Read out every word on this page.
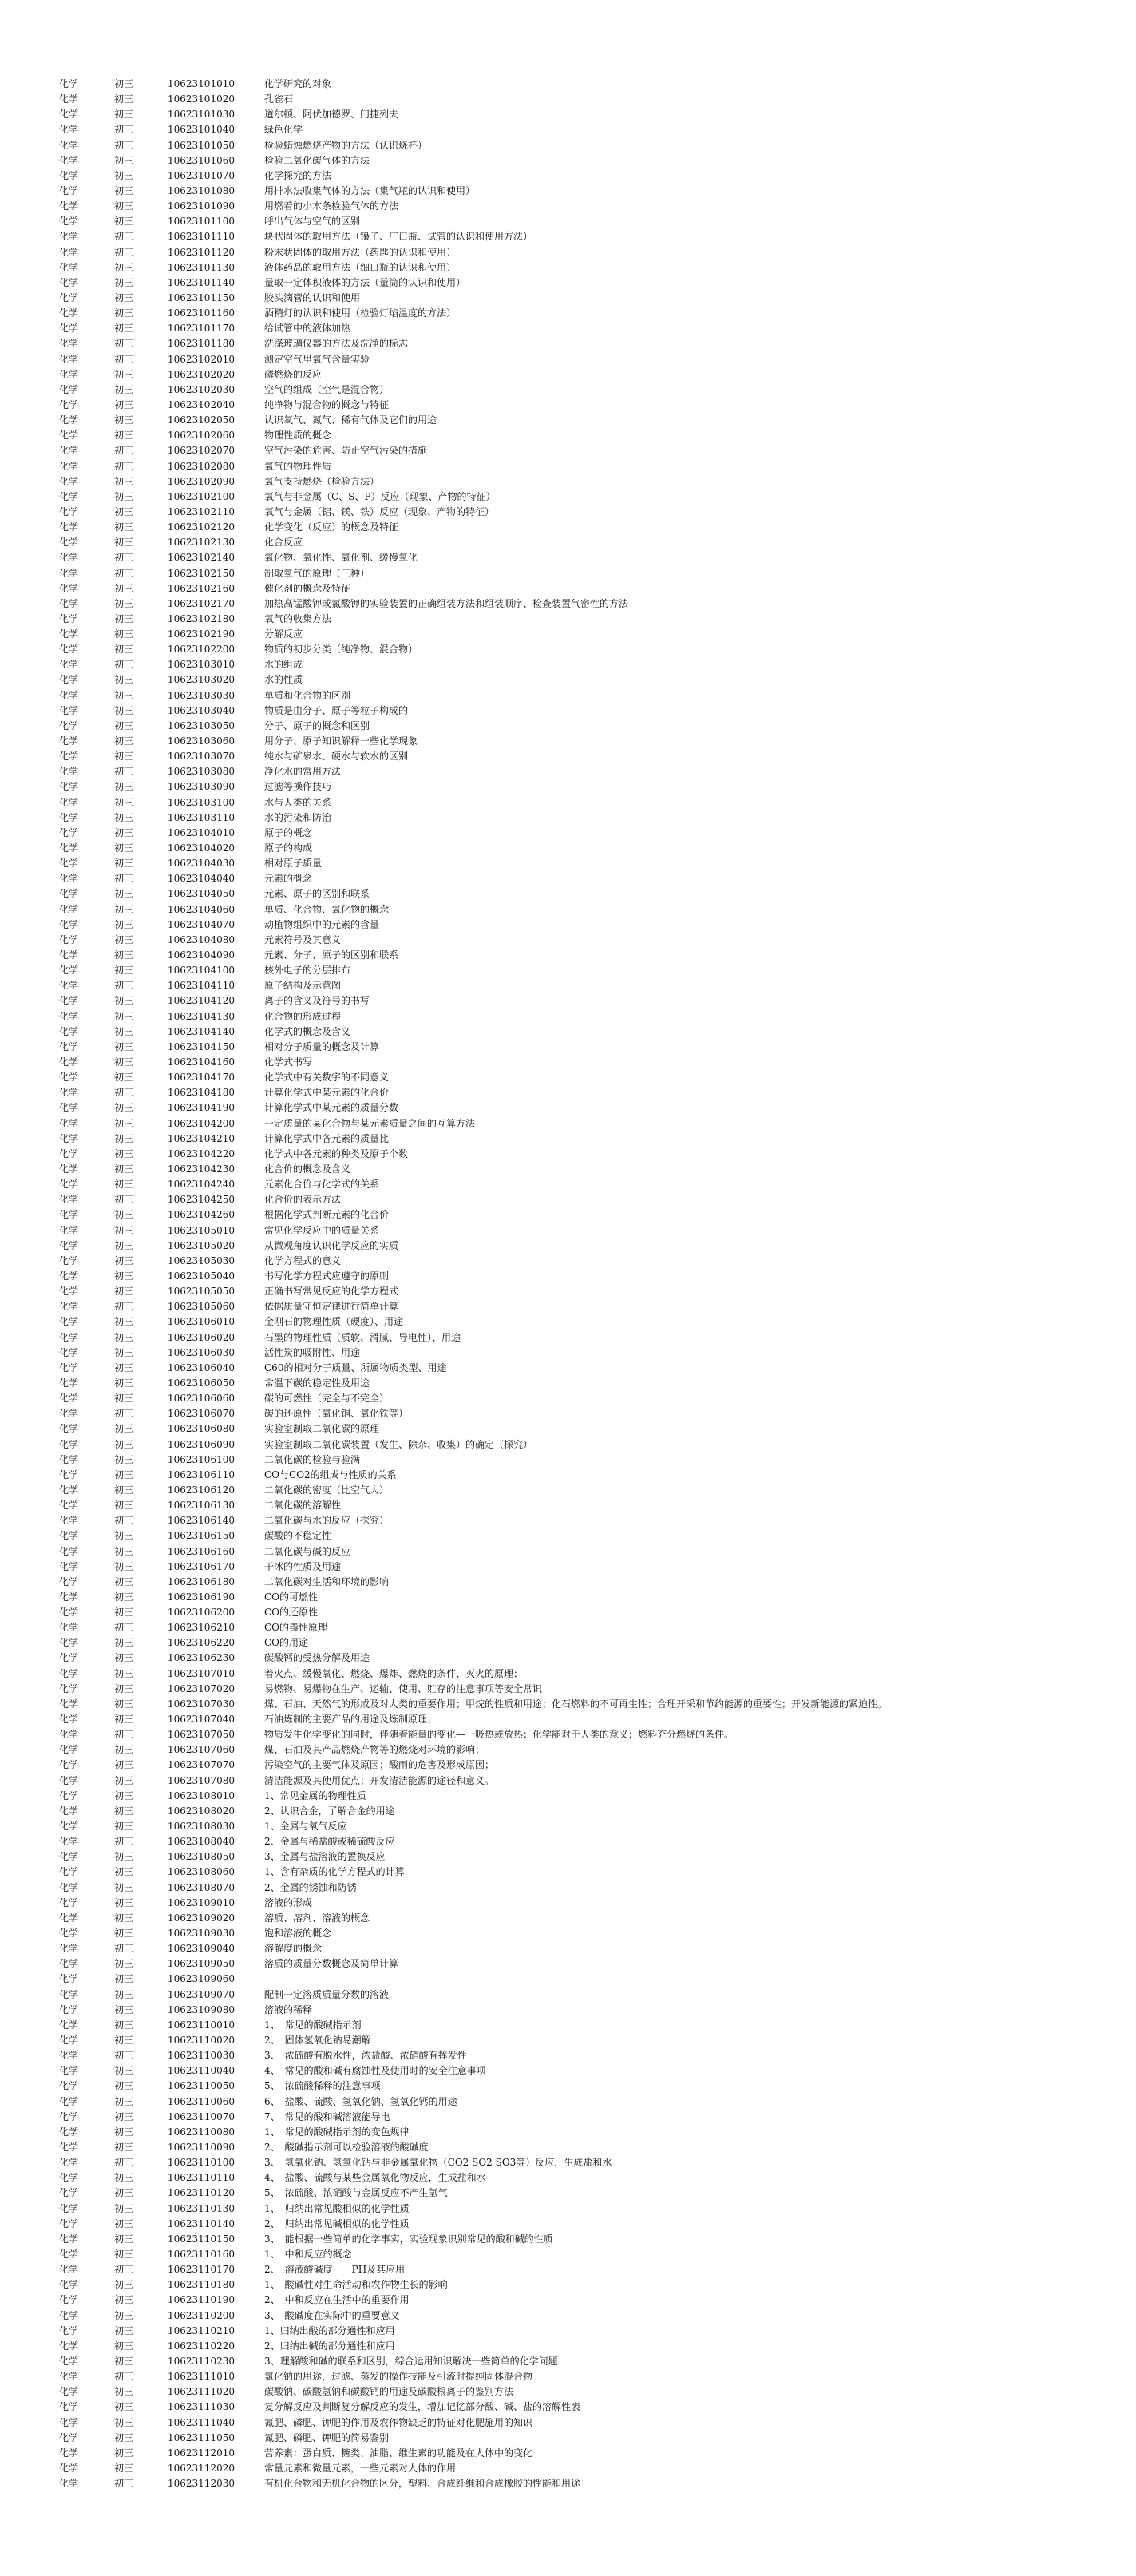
化学	初三	10623101010	化学研究的对象
化学	初三	10623101020	孔雀石
化学	初三	10623101030	道尔顿、阿伏加德罗、门捷列夫
化学	初三	10623101040	绿色化学
化学	初三	10623101050	检验蜡烛燃烧产物的方法（认识烧杯）
化学	初三	10623101060	检验二氧化碳气体的方法
化学	初三	10623101070	化学探究的方法
化学	初三	10623101080	用排水法收集气体的方法（集气瓶的认识和使用）
化学	初三	10623101090	用燃着的小木条检验气体的方法
化学	初三	10623101100	呼出气体与空气的区别
化学	初三	10623101110	块状固体的取用方法（镊子、广口瓶、试管的认识和使用方法）
化学	初三	10623101120	粉末状固体的取用方法（药匙的认识和使用）
化学	初三	10623101130	液体药品的取用方法（细口瓶的认识和使用）
化学	初三	10623101140	量取一定体积液体的方法（量筒的认识和使用）
化学	初三	10623101150	胶头滴管的认识和使用
化学	初三	10623101160	酒精灯的认识和使用（检验灯焰温度的方法）
化学	初三	10623101170	给试管中的液体加热
化学	初三	10623101180	洗涤玻璃仪器的方法及洗净的标志
化学	初三	10623102010	测定空气里氧气含量实验
化学	初三	10623102020	磷燃烧的反应
化学	初三	10623102030	空气的组成（空气是混合物）
化学	初三	10623102040	纯净物与混合物的概念与特征
化学	初三	10623102050	认识氧气、氮气、稀有气体及它们的用途
化学	初三	10623102060	物理性质的概念
化学	初三	10623102070	空气污染的危害、防止空气污染的措施
化学	初三	10623102080	氧气的物理性质
化学	初三	10623102090	氧气支持燃烧（检验方法）
化学	初三	10623102100	氧气与非金属（C、S、P）反应（现象、产物的特征）
化学	初三	10623102110	氧气与金属（铝、镁、铁）反应（现象、产物的特征）
化学	初三	10623102120	化学变化（反应）的概念及特征
化学	初三	10623102130	化合反应
化学	初三	10623102140	氧化物、氧化性、氧化剂、缓慢氧化
化学	初三	10623102150	制取氧气的原理（三种）
化学	初三	10623102160	催化剂的概念及特征
化学	初三	10623102170	加热高锰酸钾或氯酸钾的实验装置的正确组装方法和组装顺序、检查装置气密性的方法
化学	初三	10623102180	氧气的收集方法
化学	初三	10623102190	分解反应
化学	初三	10623102200	物质的初步分类（纯净物、混合物）
化学	初三	10623103010	水的组成
化学	初三	10623103020	水的性质
化学	初三	10623103030	单质和化合物的区别
化学	初三	10623103040	物质是由分子、原子等粒子构成的
化学	初三	10623103050	分子、原子的概念和区别
化学	初三	10623103060	用分子、原子知识解释一些化学现象
化学	初三	10623103070	纯水与矿泉水、硬水与软水的区别
化学	初三	10623103080	净化水的常用方法
化学	初三	10623103090	过滤等操作技巧
化学	初三	10623103100	水与人类的关系
化学	初三	10623103110	水的污染和防治
化学	初三	10623104010	原子的概念
化学	初三	10623104020	原子的构成
化学	初三	10623104030	相对原子质量
化学	初三	10623104040	元素的概念
化学	初三	10623104050	元素、原子的区别和联系
化学	初三	10623104060	单质、化合物、氧化物的概念
化学	初三	10623104070	动植物组织中的元素的含量
化学	初三	10623104080	元素符号及其意义
化学	初三	10623104090	元素、分子、原子的区别和联系
化学	初三	10623104100	核外电子的分层排布
化学	初三	10623104110	原子结构及示意图
化学	初三	10623104120	离子的含义及符号的书写
化学	初三	10623104130	化合物的形成过程
化学	初三	10623104140	化学式的概念及含义
化学	初三	10623104150	相对分子质量的概念及计算
化学	初三	10623104160	化学式书写
化学	初三	10623104170	化学式中有关数字的不同意义
化学	初三	10623104180	计算化学式中某元素的化合价
化学	初三	10623104190	计算化学式中某元素的质量分数
化学	初三	10623104200	一定质量的某化合物与某元素质量之间的互算方法
化学	初三	10623104210	计算化学式中各元素的质量比
化学	初三	10623104220	化学式中各元素的种类及原子个数
化学	初三	10623104230	化合价的概念及含义
化学	初三	10623104240	元素化合价与化学式的关系
化学	初三	10623104250	化合价的表示方法
化学	初三	10623104260	根据化学式判断元素的化合价
化学	初三	10623105010	常见化学反应中的质量关系
化学	初三	10623105020	从微观角度认识化学反应的实质
化学	初三	10623105030	化学方程式的意义
化学	初三	10623105040	书写化学方程式应遵守的原则
化学	初三	10623105050	正确书写常见反应的化学方程式
化学	初三	10623105060	依据质量守恒定律进行简单计算
化学	初三	10623106010	金刚石的物理性质（硬度）、用途
化学	初三	10623106020	石墨的物理性质（质软、滑腻、导电性）、用途
化学	初三	10623106030	活性炭的吸附性、用途
化学	初三	10623106040	C60的相对分子质量、所属物质类型、用途
化学	初三	10623106050	常温下碳的稳定性及用途
化学	初三	10623106060	碳的可燃性（完全与不完全）
化学	初三	10623106070	碳的还原性（氧化铜、氧化铁等）
化学	初三	10623106080	实验室制取二氧化碳的原理
化学	初三	10623106090	实验室制取二氧化碳装置（发生、除杂、收集）的确定（探究）
化学	初三	10623106100	二氧化碳的检验与验满
化学	初三	10623106110	CO与CO2的组成与性质的关系
化学	初三	10623106120	二氧化碳的密度（比空气大）
化学	初三	10623106130	二氧化碳的溶解性
化学	初三	10623106140	二氧化碳与水的反应（探究）
化学	初三	10623106150	碳酸的不稳定性
化学	初三	10623106160	二氧化碳与碱的反应
化学	初三	10623106170	干冰的性质及用途
化学	初三	10623106180	二氧化碳对生活和环境的影响
化学	初三	10623106190	CO的可燃性
化学	初三	10623106200	CO的还原性
化学	初三	10623106210	CO的毒性原理
化学	初三	10623106220	CO的用途
化学	初三	10623106230	碳酸钙的受热分解及用途
化学	初三	10623107010	着火点、缓慢氧化、燃烧、爆炸、燃烧的条件、灭火的原理；
化学	初三	10623107020	易燃物、易爆物在生产、运输、使用、贮存的注意事项等安全常识
化学	初三	10623107030	煤、石油、天然气的形成及对人类的重要作用；甲烷的性质和用途；化石燃料的不可再生性；合理开采和节约能源的重要性；开发新能源的紧迫性。
化学	初三	10623107040	石油炼制的主要产品的用途及炼制原理；
化学	初三	10623107050	物质发生化学变化的同时，伴随着能量的变化—一吸热或放热；化学能对于人类的意义；燃料充分燃烧的条件。
化学	初三	10623107060	煤、石油及其产品燃烧产物等的燃烧对环境的影响；
化学	初三	10623107070	污染空气的主要气体及原因；酸雨的危害及形成原因；
化学	初三	10623107080	清洁能源及其使用优点；开发清洁能源的途径和意义。
化学	初三	10623108010	1、常见金属的物理性质
化学	初三	10623108020	2、认识合金，了解合金的用途
化学	初三	10623108030	1、金属与氧气反应
化学	初三	10623108040	2、金属与稀盐酸或稀硫酸反应
化学	初三	10623108050	3、金属与盐溶液的置换反应
化学	初三	10623108060	1、含有杂质的化学方程式的计算
化学	初三	10623108070	2、金属的锈蚀和防锈
化学	初三	10623109010	溶液的形成
化学	初三	10623109020	溶质、溶剂、溶液的概念
化学	初三	10623109030	饱和溶液的概念
化学	初三	10623109040	溶解度的概念
化学	初三	10623109050	溶质的质量分数概念及简单计算
化学	初三	10623109060
化学	初三	10623109070	配制一定溶质质量分数的溶液
化学	初三	10623109080	溶液的稀释
化学	初三	10623110010	1、　常见的酸碱指示剂
化学	初三	10623110020	2、　固体氢氧化钠易潮解
化学	初三	10623110030	3、　浓硫酸有脱水性，浓盐酸、浓硝酸有挥发性
化学	初三	10623110040	4、　常见的酸和碱有腐蚀性及使用时的安全注意事项
化学	初三	10623110050	5、　浓硫酸稀释的注意事项
化学	初三	10623110060	6、　盐酸、硫酸、氢氧化钠、氢氧化钙的用途
化学	初三	10623110070	7、　常见的酸和碱溶液能导电
化学	初三	10623110080	1、　常见的酸碱指示剂的变色规律
化学	初三	10623110090	2、　酸碱指示剂可以检验溶液的酸碱度
化学	初三	10623110100	3、　氢氧化钠、氢氧化钙与非金属氧化物（CO2 SO2 SO3等）反应，生成盐和水
化学	初三	10623110110	4、　盐酸、硫酸与某些金属氧化物反应，生成盐和水
化学	初三	10623110120	5、　浓硫酸、浓硝酸与金属反应不产生氢气
化学	初三	10623110130	1、　归纳出常见酸相似的化学性质
化学	初三	10623110140	2、　归纳出常见碱相似的化学性质
化学	初三	10623110150	3、　能根据一些简单的化学事实，实验现象识别常见的酸和碱的性质
化学	初三	10623110160	1、　中和反应的概念
化学	初三	10623110170	2、　溶液酸碱度　　PH及其应用
化学	初三	10623110180	1、　酸碱性对生命活动和农作物生长的影响
化学	初三	10623110190	2、　中和反应在生活中的重要作用
化学	初三	10623110200	3、　酸碱度在实际中的重要意义
化学	初三	10623110210	1、归纳出酸的部分通性和应用
化学	初三	10623110220	2、归纳出碱的部分通性和应用
化学	初三	10623110230	3、理解酸和碱的联系和区别，综合运用知识解决一些简单的化学问题
化学	初三	10623111010	氯化钠的用途，过滤、蒸发的操作技能及引流时提纯固体混合物
化学	初三	10623111020	碳酸钠、碳酸氢钠和碳酸钙的用途及碳酸根离子的鉴别方法
化学	初三	10623111030	复分解反应及判断复分解反应的发生，增加记忆部分酸、碱、盐的溶解性表
化学	初三	10623111040	氮肥、磷肥、钾肥的作用及农作物缺乏的特征对化肥施用的知识
化学	初三	10623111050	氮肥、磷肥、钾肥的简易鉴别
化学	初三	10623112010	营养素：蛋白质、糖类、油脂、维生素的功能及在人体中的变化
化学	初三	10623112020	常量元素和微量元素，一些元素对人体的作用
化学	初三	10623112030	有机化合物和无机化合物的区分，塑料、合成纤维和合成橡胶的性能和用途
